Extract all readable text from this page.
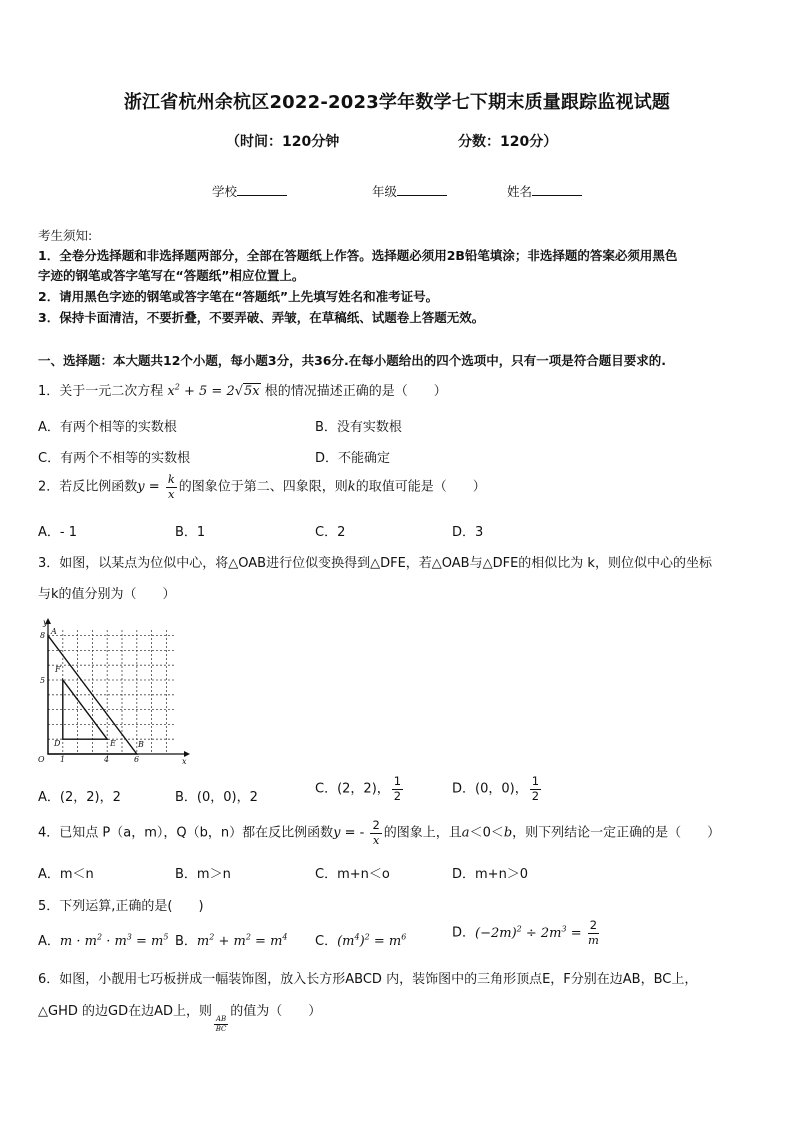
浙江省杭州余杭区2022-2023学年数学七下期末质量跟踪监视试题
（时间：120分钟	分数：120分）
学校	年级	姓名
考生须知:
1．全卷分选择题和非选择题两部分，全部在答题纸上作答。选择题必须用2B铅笔填涂；非选择题的答案必须用黑色
字迹的钢笔或答字笔写在“答题纸”相应位置上。
2．请用黑色字迹的钢笔或答字笔在“答题纸”上先填写姓名和准考证号。
3．保持卡面清洁，不要折叠，不要弄破、弄皱，在草稿纸、试题卷上答题无效。
一、选择题：本大题共12个小题，每小题3分，共36分.在每小题给出的四个选项中，只有一项是符合题目要求的.
1．关于一元二次方程 $x^2 + 5 = 2√5x$ 根的情况描述正确的是（　　）
A．有两个相等的实数根	B．没有实数根
C．有两个不相等的实数根	D．不能确定
2．若反比例函数$y = \frac{k}{x}$ 的图象位于第二、四象限，则k的取值可能是（　　）
A．- 1	B．1	C．2	D．3
3．如图，以某点为位似中心，将△OAB进行位似变换得到△DFE，若△OAB与△DFE的相似比为 k，则位似中心的坐标
与k的值分别为（　　）
y
x
O
8
5
1	4	6
A
F
D	E	B
A．(2，2)，2	B．(0，0)，2
C．(2，2)， $\frac{1}{2}$	D．(0，0)， $\frac{1}{2}$
4．已知点 P（a，m），Q（b，n）都在反比例函数y = - $\frac{2}{x}$ 的图象上，且a＜0＜b，则下列结论一定正确的是（　　）
A．m＜n	B．m＞n	C．m+n＜o	D．m+n＞0
5．下列运算,正确的是(　　)
A．$m \cdot m^2 \cdot m^3 = m^5$ B．$m^2 + m^2 = m^4$ C．$(m^4)^2 = m^6$	D．$(-2m)^2 \div 2m^3 = \frac{2}{m}$
6．如图，小靓用七巧板拼成一幅装饰图，放入长方形ABCD 内，装饰图中的三角形顶点E，F分别在边AB，BC上，
△GHD 的边GD在边AD上，则
$\frac{AB}{BC}$
的值为（　　）
